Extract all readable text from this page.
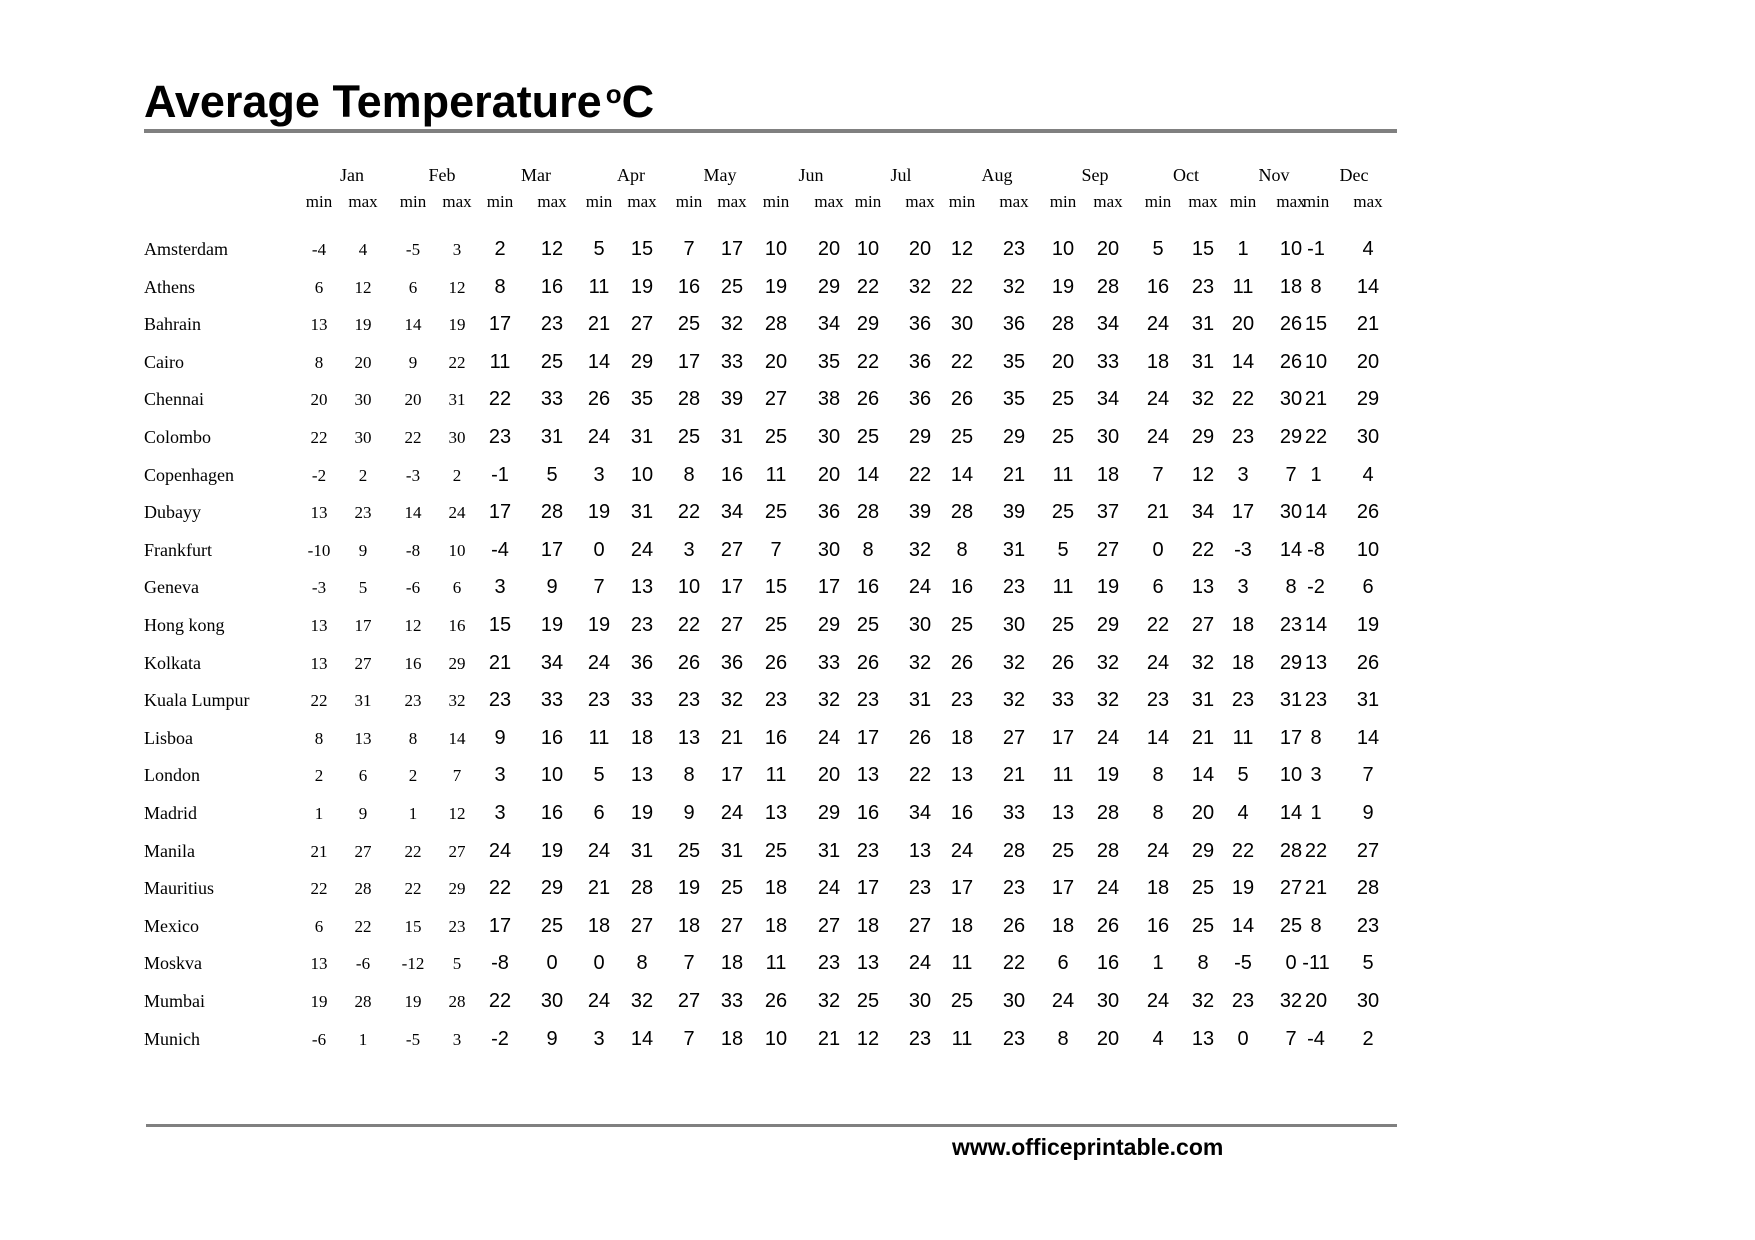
Average Temperature $^o$C
Jan
min max
Feb
min max
Mar
min max
Apr
min max
May
min max
Jun
min max
Jul
min max
Aug
min max
Sep
min max
Oct
min max
Nov
min max
Dec
min max
Amsterdam	-4 4 -5 3 2 12 5 15 7 17 10 20 10 20 12 23 10 20 5 15 1 10 -1 4
Athens	6 12 6 12 8 16 11 19 16 25 19 29 22 32 22 32 19 28 16 23 11 18 8 14
Bahrain	13 19 14 19 17 23 21 27 25 32 28 34 29 36 30 36 28 34 24 31 20 26 15 21
Cairo	8 20 9 22 11 25 14 29 17 33 20 35 22 36 22 35 20 33 18 31 14 26 10 20
Chennai	20 30 20 31 22 33 26 35 28 39 27 38 26 36 26 35 25 34 24 32 22 30 21 29
Colombo	22 30 22 30 23 31 24 31 25 31 25 30 25 29 25 29 25 30 24 29 23 29 22 30
Copenhagen	-2 2 -3 2 -1 5 3 10 8 16 11 20 14 22 14 21 11 18 7 12 3 7 1 4
Dubayy	13 23 14 24 17 28 19 31 22 34 25 36 28 39 28 39 25 37 21 34 17 30 14 26
Frankfurt	-10 9 -8 10 -4 17 0 24 3 27 7 30 8 32 8 31 5 27 0 22 -3 14 -8 10
Geneva	-3 5 -6 6 3 9 7 13 10 17 15 17 16 24 16 23 11 19 6 13 3 8 -2 6
Hong kong	13 17 12 16 15 19 19 23 22 27 25 29 25 30 25 30 25 29 22 27 18 23 14 19
Kolkata	13 27 16 29 21 34 24 36 26 36 26 33 26 32 26 32 26 32 24 32 18 29 13 26
Kuala Lumpur	22 31 23 32 23 33 23 33 23 32 23 32 23 31 23 32 33 32 23 31 23 31 23 31
Lisboa	8 13 8 14 9 16 11 18 13 21 16 24 17 26 18 27 17 24 14 21 11 17 8 14
London	2 6 2 7 3 10 5 13 8 17 11 20 13 22 13 21 11 19 8 14 5 10 3 7
Madrid	1 9 1 12 3 16 6 19 9 24 13 29 16 34 16 33 13 28 8 20 4 14 1 9
Manila	21 27 22 27 24 19 24 31 25 31 25 31 23 13 24 28 25 28 24 29 22 28 22 27
Mauritius	22 28 22 29 22 29 21 28 19 25 18 24 17 23 17 23 17 24 18 25 19 27 21 28
Mexico	6 22 15 23 17 25 18 27 18 27 18 27 18 27 18 26 18 26 16 25 14 25 8 23
Moskva	13 -6 -12 5 -8 0 0 8 7 18 11 23 13 24 11 22 6 16 1 8 -5 0 -11 5
Mumbai	19 28 19 28 22 30 24 32 27 33 26 32 25 30 25 30 24 30 24 32 23 32 20 30
Munich	-6 1 -5 3 -2 9 3 14 7 18 10 21 12 23 11 23 8 20 4 13 0 7 -4 2
www.officeprintable.com
